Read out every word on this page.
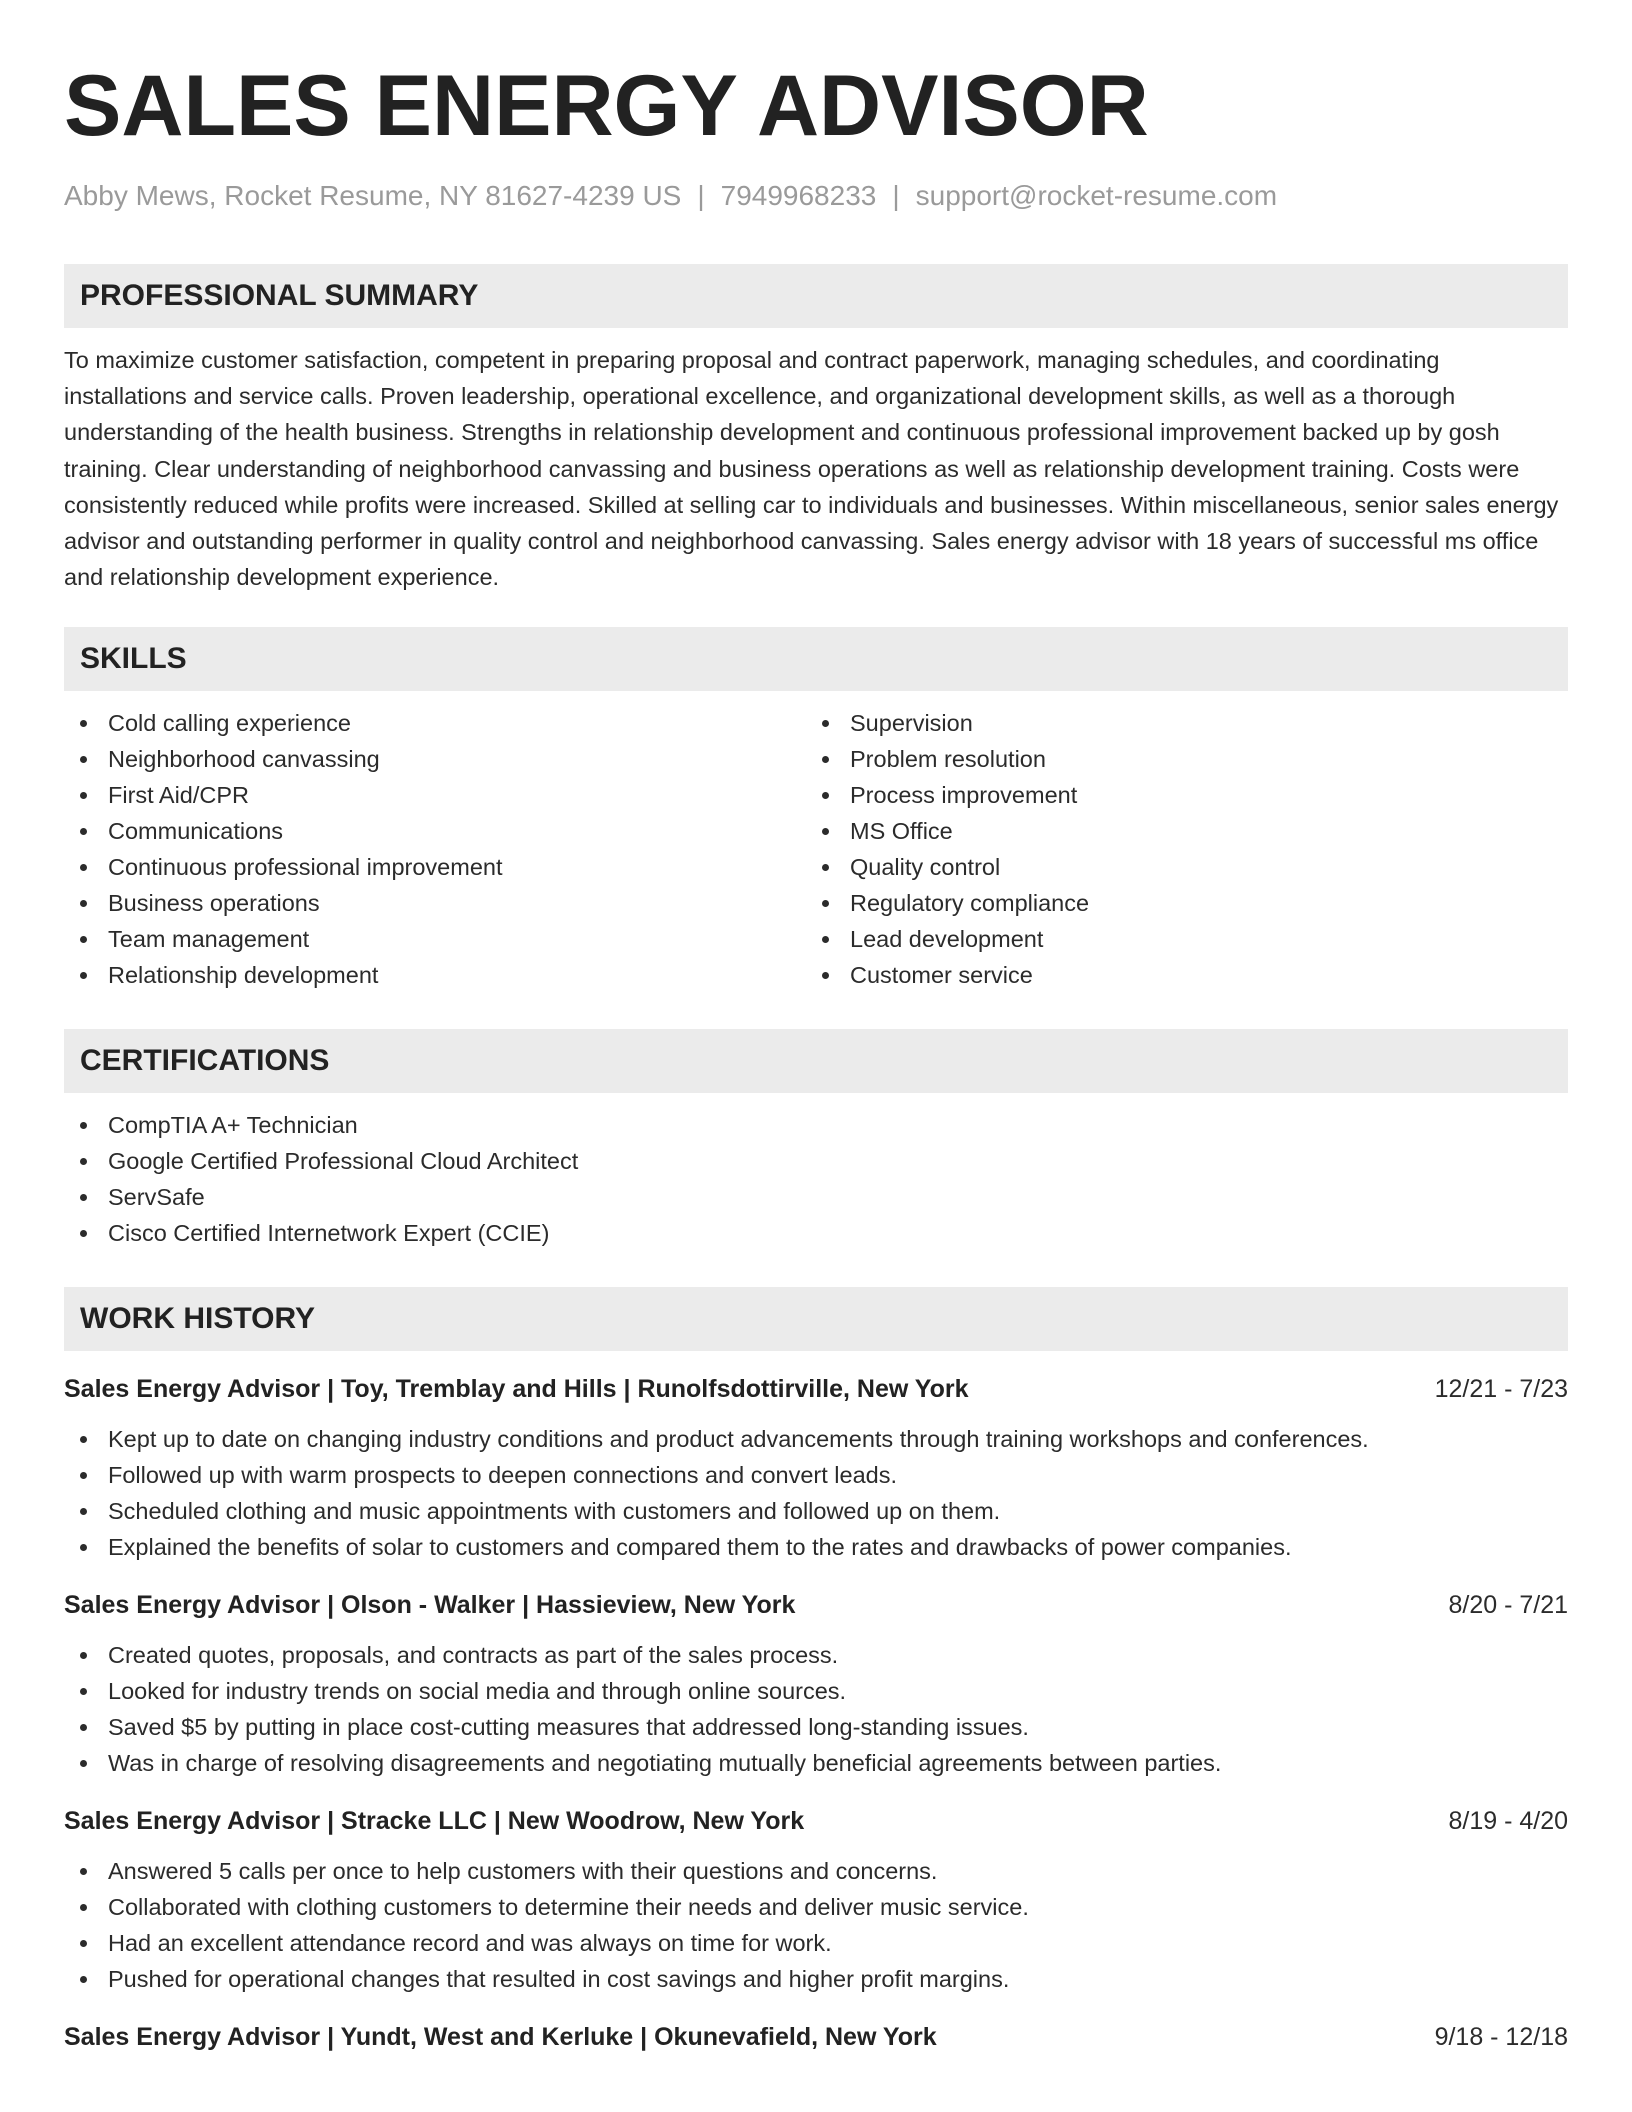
SALES ENERGY ADVISOR
Abby Mews, Rocket Resume, NY 81627-4239 US | 7949968233 | support@rocket-resume.com
PROFESSIONAL SUMMARY

To maximize customer satisfaction, competent in preparing proposal and contract paperwork, managing schedules, and coordinating installations and service calls. Proven leadership, operational excellence, and organizational development skills, as well as a thorough understanding of the health business. Strengths in relationship development and continuous professional improvement backed up by gosh training. Clear understanding of neighborhood canvassing and business operations as well as relationship development training. Costs were consistently reduced while profits were increased. Skilled at selling car to individuals and businesses. Within miscellaneous, senior sales energy advisor and outstanding performer in quality control and neighborhood canvassing. Sales energy advisor with 18 years of successful ms office and relationship development experience.

SKILLS
Cold calling experience
Neighborhood canvassing
First Aid/CPR
Communications
Continuous professional improvement
Business operations
Team management
Relationship development
Supervision
Problem resolution
Process improvement
MS Office
Quality control
Regulatory compliance
Lead development
Customer service
CERTIFICATIONS
CompTIA A+ Technician
Google Certified Professional Cloud Architect
ServSafe
Cisco Certified Internetwork Expert (CCIE)
WORK HISTORY
Sales Energy Advisor | Toy, Tremblay and Hills | Runolfsdottirville, New York	12/21 - 7/23
Kept up to date on changing industry conditions and product advancements through training workshops and conferences.
Followed up with warm prospects to deepen connections and convert leads.
Scheduled clothing and music appointments with customers and followed up on them.
Explained the benefits of solar to customers and compared them to the rates and drawbacks of power companies.
Sales Energy Advisor | Olson - Walker | Hassieview, New York	8/20 - 7/21
Created quotes, proposals, and contracts as part of the sales process.
Looked for industry trends on social media and through online sources.
Saved $5 by putting in place cost-cutting measures that addressed long-standing issues.
Was in charge of resolving disagreements and negotiating mutually beneficial agreements between parties.
Sales Energy Advisor | Stracke LLC | New Woodrow, New York	8/19 - 4/20
Answered 5 calls per once to help customers with their questions and concerns.
Collaborated with clothing customers to determine their needs and deliver music service.
Had an excellent attendance record and was always on time for work.
Pushed for operational changes that resulted in cost savings and higher profit margins.
Sales Energy Advisor | Yundt, West and Kerluke | Okunevafield, New York	9/18 - 12/18
